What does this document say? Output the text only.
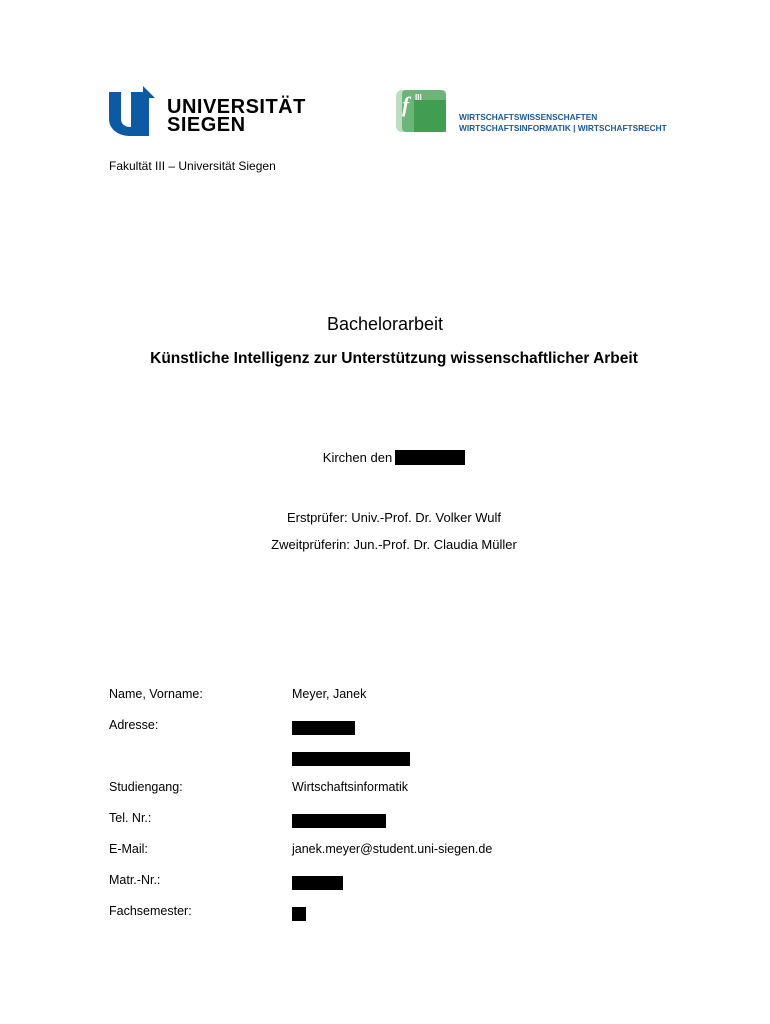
UNIVERSITÄT
SIEGEN
f III
WIRTSCHAFTSWISSENSCHAFTEN
WIRTSCHAFTSINFORMATIK | WIRTSCHAFTSRECHT
Fakultät III – Universität Siegen
Bachelorarbeit
Künstliche Intelligenz zur Unterstützung wissenschaftlicher Arbeit
Kirchen den
Erstprüfer: Univ.-Prof. Dr. Volker Wulf
Zweitprüferin: Jun.-Prof. Dr. Claudia Müller
Name, Vorname:	Meyer, Janek
Adresse:
Studiengang:	Wirtschaftsinformatik
Tel. Nr.:
E-Mail:	janek.meyer@student.uni-siegen.de
Matr.-Nr.:
Fachsemester:
